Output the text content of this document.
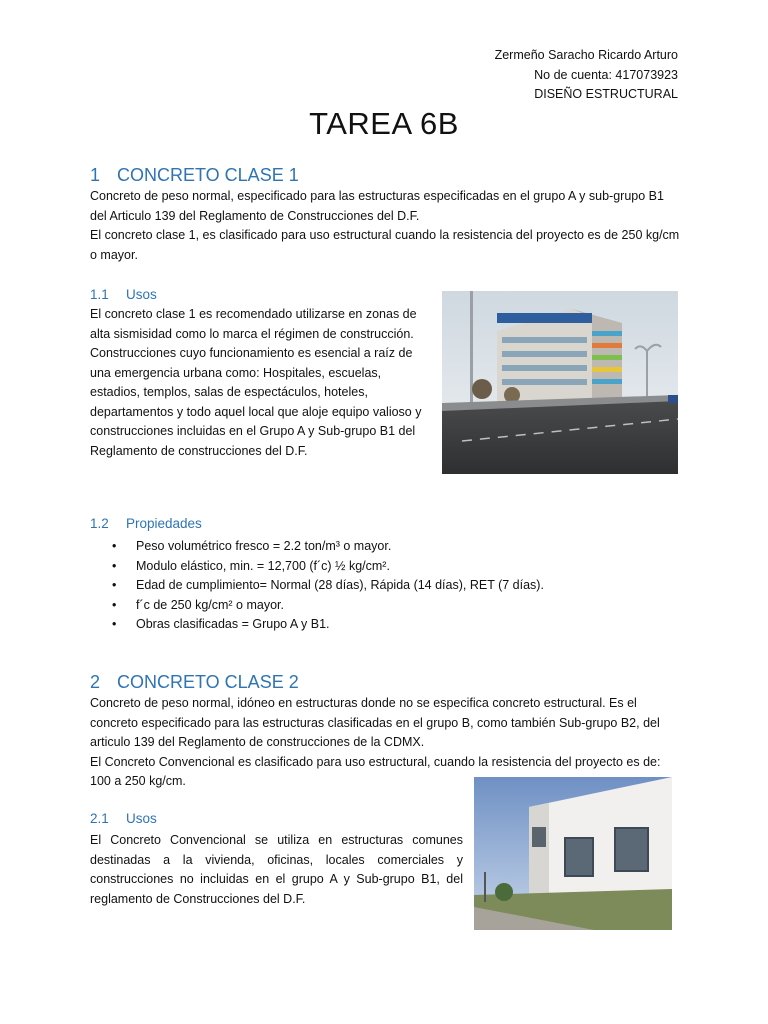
Zermeño Saracho Ricardo Arturo
No de cuenta: 417073923
DISEÑO ESTRUCTURAL
TAREA 6B
1 CONCRETO CLASE 1

Concreto de peso normal, especificado para las estructuras especificadas en el grupo A y sub-grupo B1 del Articulo 139 del Reglamento de Construcciones del D.F.

El concreto clase 1, es clasificado para uso estructural cuando la resistencia del proyecto es de 250 kg/cm o mayor.

1.1 Usos

El concreto clase 1 es recomendado utilizarse en zonas de alta sismisidad como lo marca el régimen de construcción.

Construcciones cuyo funcionamiento es esencial a raíz de una emergencia urbana como: Hospitales, escuelas, estadios, templos, salas de espectáculos, hoteles, departamentos y todo aquel local que aloje equipo valioso y construcciones incluidas en el Grupo A y Sub-grupo B1 del Reglamento de construcciones del D.F.

1.2 Propiedades
• Peso volumétrico fresco = 2.2 ton/m³ o mayor.
• Modulo elástico, min. = 12,700 (f´c) ½ kg/cm².
• Edad de cumplimiento= Normal (28 días), Rápida (14 días), RET (7 días).
• f´c de 250 kg/cm² o mayor.
• Obras clasificadas = Grupo A y B1.
2 CONCRETO CLASE 2

Concreto de peso normal, idóneo en estructuras donde no se especifica concreto estructural. Es el concreto especificado para las estructuras clasificadas en el grupo B, como también Sub-grupo B2, del articulo 139 del Reglamento de construcciones de la CDMX.

El Concreto Convencional es clasificado para uso estructural, cuando la resistencia del proyecto es de: 100 a 250 kg/cm.

2.1 Usos

El Concreto Convencional se utiliza en estructuras comunes destinadas a la vivienda, oficinas, locales comerciales y construcciones no incluidas en el grupo A y Sub-grupo B1, del reglamento de Construcciones del D.F.
